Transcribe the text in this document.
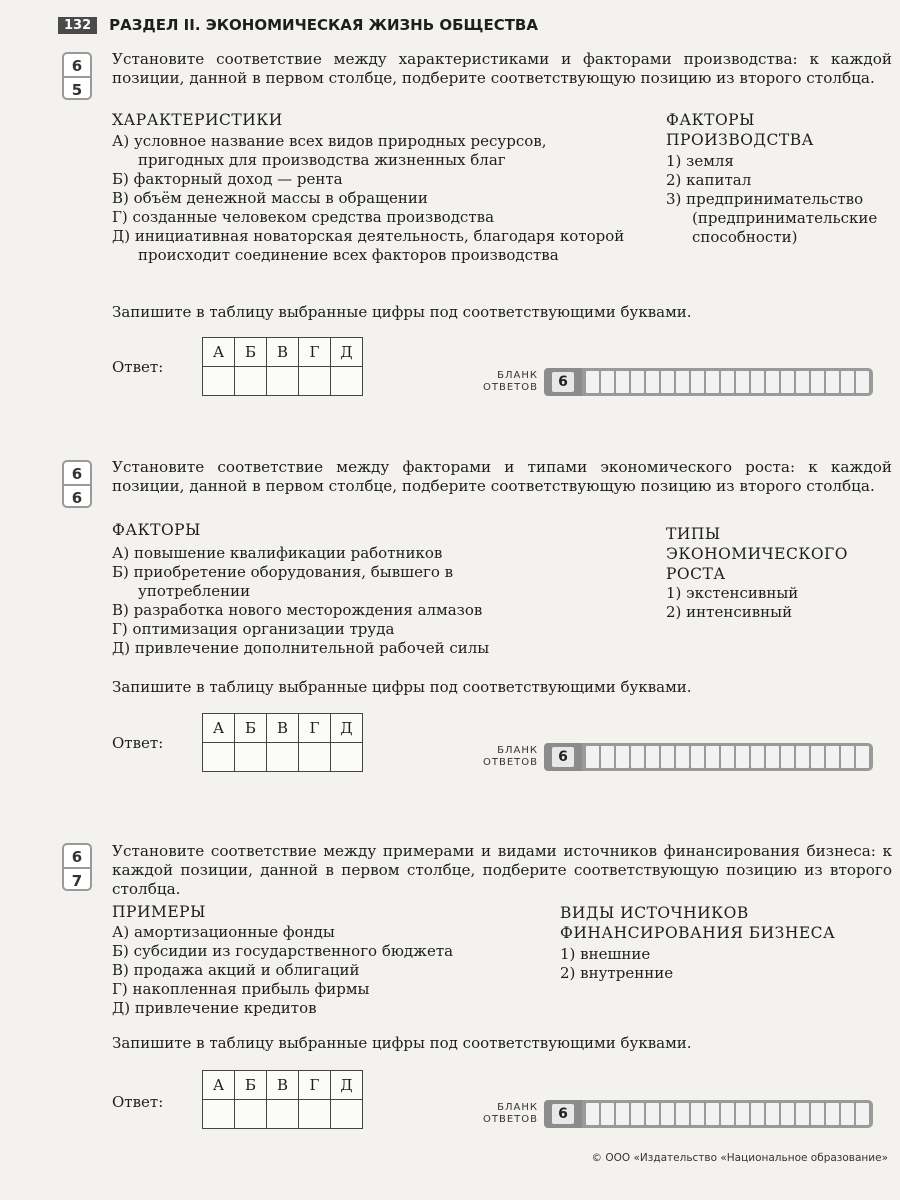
132	РАЗДЕЛ II. ЭКОНОМИЧЕСКАЯ ЖИЗНЬ ОБЩЕСТВА
6
5

Установите соответствие между характеристиками и факторами производства: к каждой позиции, данной в первом столбце, подберите соответствующую позицию из второго столбца.

ХАРАКТЕРИСТИКИ
А) условное название всех видов природных ресурсов, пригодных для производства жизненных благ
Б) факторный доход — рента
В) объём денежной массы в обращении
Г) созданные человеком средства производства
Д) инициативная новаторская деятельность, благодаря которой происходит соединение всех факторов производства
ФАКТОРЫ ПРОИЗВОДСТВА
1) земля
2) капитал
3) предпринимательство (предпринимательские способности)
Запишите в таблицу выбранные цифры под соответствующими буквами.
Ответ:
А	Б	В	Г	Д

БЛАНК
ОТВЕТОВ	6
6
6

Установите соответствие между факторами и типами экономического роста: к каждой позиции, данной в первом столбце, подберите соответствующую позицию из второго столбца.

ФАКТОРЫ
А) повышение квалификации работников
Б) приобретение оборудования, бывшего в употреблении
В) разработка нового месторождения алмазов
Г) оптимизация организации труда
Д) привлечение дополнительной рабочей силы
ТИПЫ ЭКОНОМИЧЕСКОГО РОСТА
1) экстенсивный
2) интенсивный
Запишите в таблицу выбранные цифры под соответствующими буквами.
Ответ:
А	Б	В	Г	Д

БЛАНК
ОТВЕТОВ	6
6
7

Установите соответствие между примерами и видами источников финансирования бизнеса: к каждой позиции, данной в первом столбце, подберите соответствующую позицию из второго столбца.

ПРИМЕРЫ
А) амортизационные фонды
Б) субсидии из государственного бюджета
В) продажа акций и облигаций
Г) накопленная прибыль фирмы
Д) привлечение кредитов
ВИДЫ ИСТОЧНИКОВ ФИНАНСИРОВАНИЯ БИЗНЕСА
1) внешние
2) внутренние
Запишите в таблицу выбранные цифры под соответствующими буквами.
Ответ:
А	Б	В	Г	Д

БЛАНК
ОТВЕТОВ	6
© ООО «Издательство «Национальное образование»
